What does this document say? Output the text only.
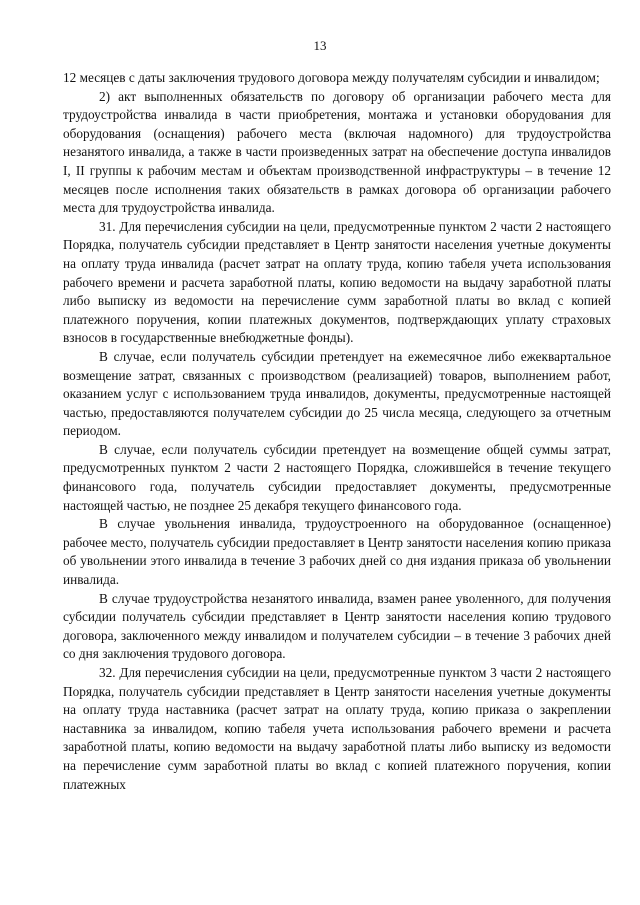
13

12 месяцев с даты заключения трудового договора между получателям субсидии и инвалидом;

2) акт выполненных обязательств по договору об организации рабочего места для трудоустройства инвалида в части приобретения, монтажа и установки оборудования для оборудования (оснащения) рабочего места (включая надомного) для трудоустройства незанятого инвалида, а также в части произведенных затрат на обеспечение доступа инвалидов I, II группы к рабочим местам и объектам производственной инфраструктуры – в течение 12 месяцев после исполнения таких обязательств в рамках договора об организации рабочего места для трудоустройства инвалида.

31. Для перечисления субсидии на цели, предусмотренные пунктом 2 части 2 настоящего Порядка, получатель субсидии представляет в Центр занятости населения учетные документы на оплату труда инвалида (расчет затрат на оплату труда, копию табеля учета использования рабочего времени и расчета заработной платы, копию ведомости на выдачу заработной платы либо выписку из ведомости на перечисление сумм заработной платы во вклад с копией платежного поручения, копии платежных документов, подтверждающих уплату страховых взносов в государственные внебюджетные фонды).

В случае, если получатель субсидии претендует на ежемесячное либо ежеквартальное возмещение затрат, связанных с производством (реализацией) товаров, выполнением работ, оказанием услуг с использованием труда инвалидов, документы, предусмотренные настоящей частью, предоставляются получателем субсидии до 25 числа месяца, следующего за отчетным периодом.

В случае, если получатель субсидии претендует на возмещение общей суммы затрат, предусмотренных пунктом 2 части 2 настоящего Порядка, сложившейся в течение текущего финансового года, получатель субсидии предоставляет документы, предусмотренные настоящей частью, не позднее 25 декабря текущего финансового года.

В случае увольнения инвалида, трудоустроенного на оборудованное (оснащенное) рабочее место, получатель субсидии предоставляет в Центр занятости населения копию приказа об увольнении этого инвалида в течение 3 рабочих дней со дня издания приказа об увольнении инвалида.

В случае трудоустройства незанятого инвалида, взамен ранее уволенного, для получения субсидии получатель субсидии представляет в Центр занятости населения копию трудового договора, заключенного между инвалидом и получателем субсидии – в течение 3 рабочих дней со дня заключения трудового договора.

32. Для перечисления субсидии на цели, предусмотренные пунктом 3 части 2 настоящего Порядка, получатель субсидии представляет в Центр занятости населения учетные документы на оплату труда наставника (расчет затрат на оплату труда, копию приказа о закреплении наставника за инвалидом, копию табеля учета использования рабочего времени и расчета заработной платы, копию ведомости на выдачу заработной платы либо выписку из ведомости на перечисление сумм заработной платы во вклад с копией платежного поручения, копии платежных
